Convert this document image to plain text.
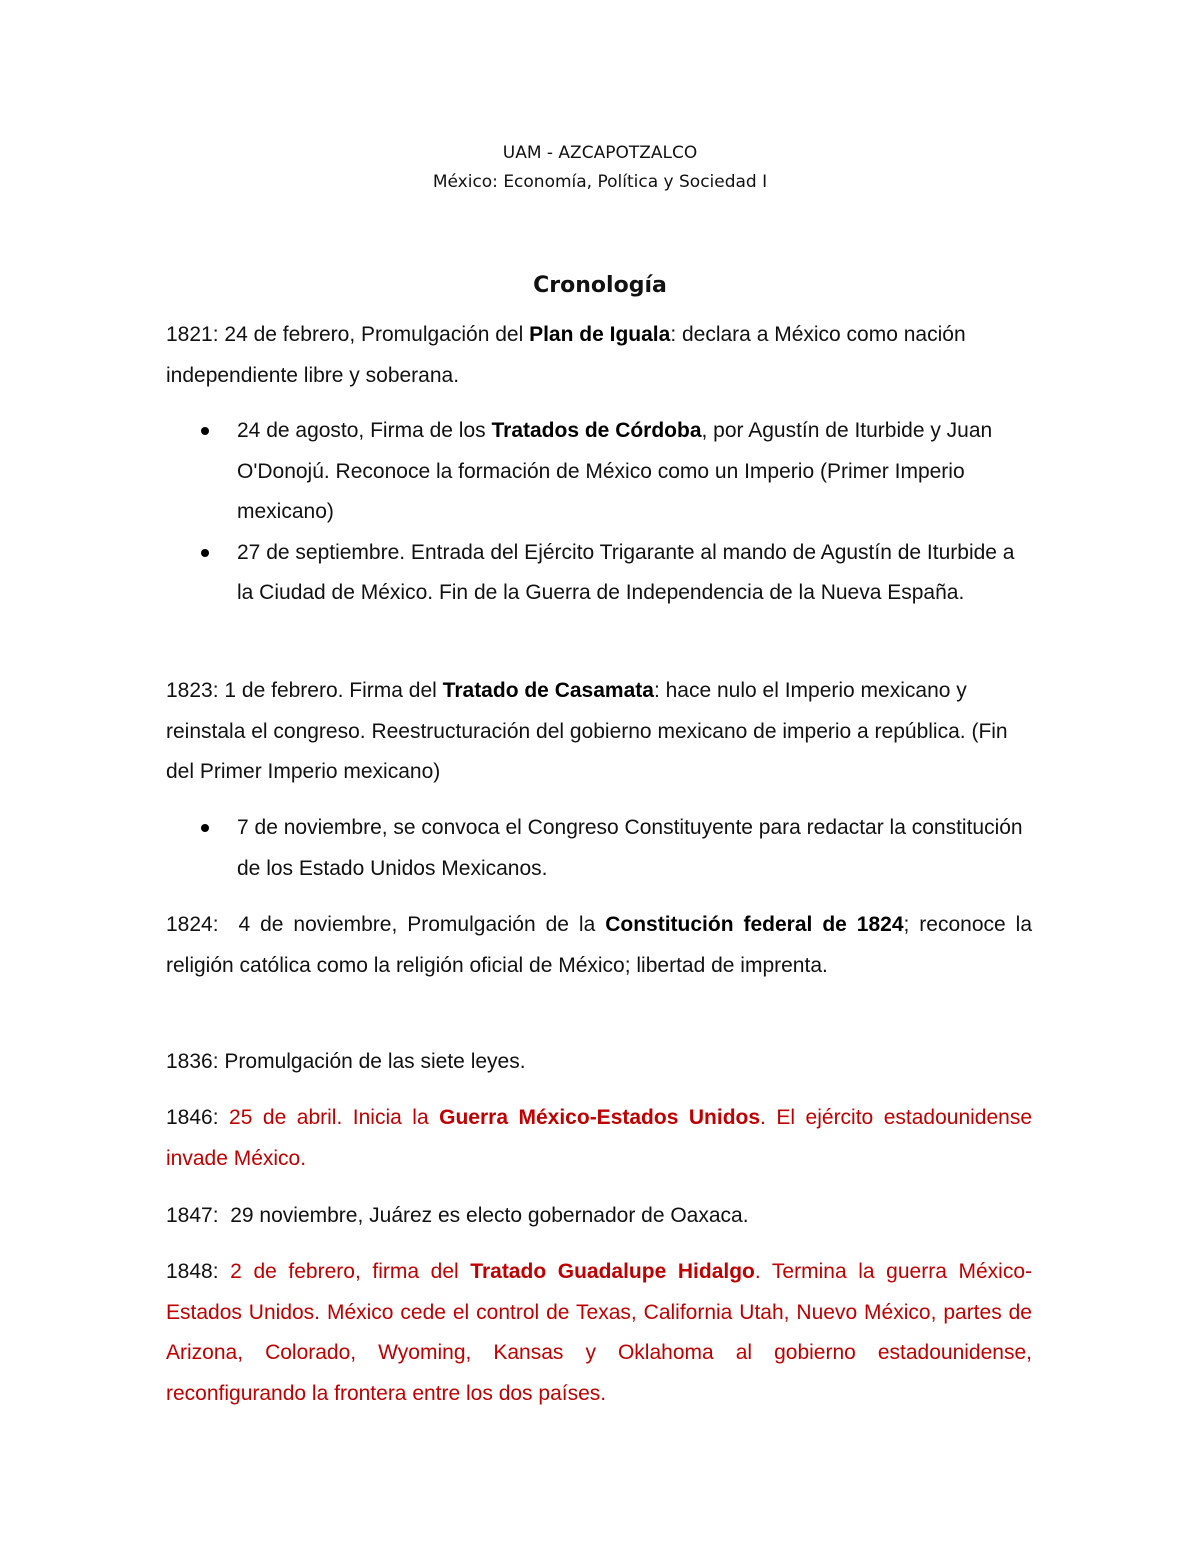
UAM - AZCAPOTZALCO
México: Economía, Política y Sociedad I
Cronología
1821: 24 de febrero, Promulgación del Plan de Iguala: declara a México como nación independiente libre y soberana.
24 de agosto, Firma de los Tratados de Córdoba, por Agustín de Iturbide y Juan O'Donojú. Reconoce la formación de México como un Imperio (Primer Imperio mexicano)
27 de septiembre. Entrada del Ejército Trigarante al mando de Agustín de Iturbide a la Ciudad de México. Fin de la Guerra de Independencia de la Nueva España.
1823: 1 de febrero. Firma del Tratado de Casamata: hace nulo el Imperio mexicano y reinstala el congreso. Reestructuración del gobierno mexicano de imperio a república. (Fin del Primer Imperio mexicano)
7 de noviembre, se convoca el Congreso Constituyente para redactar la constitución de los Estado Unidos Mexicanos.
1824:  4 de noviembre, Promulgación de la Constitución federal de 1824; reconoce la religión católica como la religión oficial de México; libertad de imprenta.
1836: Promulgación de las siete leyes.
1846: 25 de abril. Inicia la Guerra México-Estados Unidos. El ejército estadounidense invade México.
1847:  29 noviembre, Juárez es electo gobernador de Oaxaca.
1848: 2 de febrero, firma del Tratado Guadalupe Hidalgo. Termina la guerra México-Estados Unidos. México cede el control de Texas, California Utah, Nuevo México, partes de Arizona, Colorado, Wyoming, Kansas y Oklahoma al gobierno estadounidense, reconfigurando la frontera entre los dos países.
